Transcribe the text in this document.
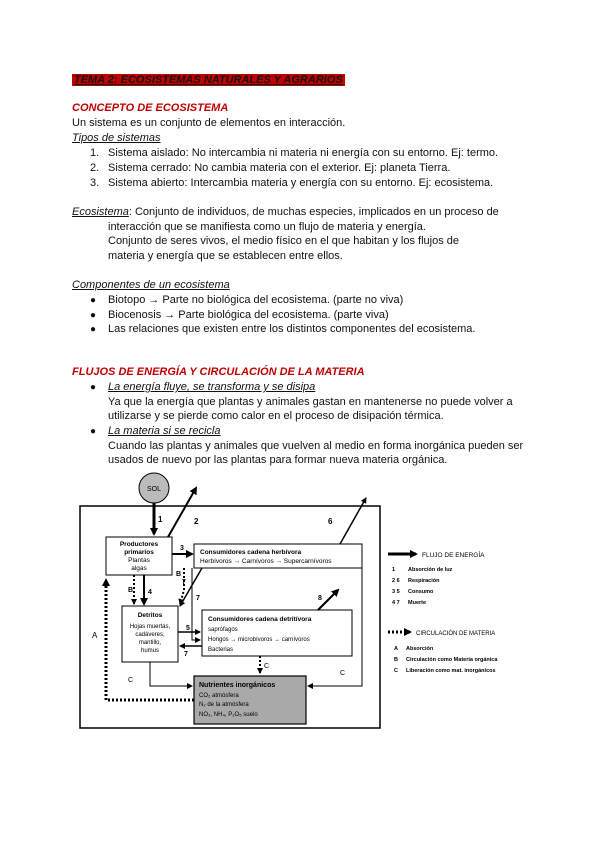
TEMA 2: ECOSISTEMAS NATURALES Y AGRARIOS
CONCEPTO DE ECOSISTEMA
Un sistema es un conjunto de elementos en interacción.
Tipos de sistemas
1. Sistema aislado: No intercambia ni materia ni energía con su entorno. Ej: termo.
2. Sistema cerrado: No cambia materia con el exterior. Ej: planeta Tierra.
3. Sistema abierto: Intercambia materia y energía con su entorno. Ej: ecosistema.
Ecosistema: Conjunto de individuos, de muchas especies, implicados en un proceso de
interacción que se manifiesta como un flujo de materia y energía.
Conjunto de seres vivos, el medio físico en el que habitan y los flujos de
materia y energía que se establecen entre ellos.
Componentes de un ecosistema
● Biotopo → Parte no biológica del ecosistema. (parte no viva)
● Biocenosis → Parte biológica del ecosistema. (parte viva)
● Las relaciones que existen entre los distintos componentes del ecosistema.
FLUJOS DE ENERGÍA Y CIRCULACIÓN DE LA MATERIA
● La energía fluye, se transforma y se disipa
Ya que la energía que plantas y animales gastan en mantenerse no puede volver a
utilizarse y se pierde como calor en el proceso de disipación térmica.
● La materia si se recicla
Cuando las plantas y animales que vuelven al medio en forma inorgánica pueden ser
usados de nuevo por las plantas para formar nueva materia orgánica.
SOL
Productores
primarios
Plantas
algas
Consumidores cadena herbívora
Herbívoros → Carnívoros → Supercarnívoros
Detritos
Hojas muertas,
cadáveres,
mantillo,
humus
Consumidores cadena detritívora
saprófagos
Hongos → microbívoros → carnívoros
Bacterias
Nutrientes inorgánicos
CO₂ atmósfera
N₂ de la atmósfera
NO₃, NH₄, P₂O₅ suelo
1	2
3
4
5
6
7
7
7	8
A
B
B
C
C
C
FLUJO DE ENERGÍA
1 Absorción de luz
2 6 Respiración
3 5 Consumo
4 7 Muerte
CIRCULACIÓN DE MATERIA
A Absorción
B Circulación como Materia orgánica
C Liberación como mat. inorgánicos
